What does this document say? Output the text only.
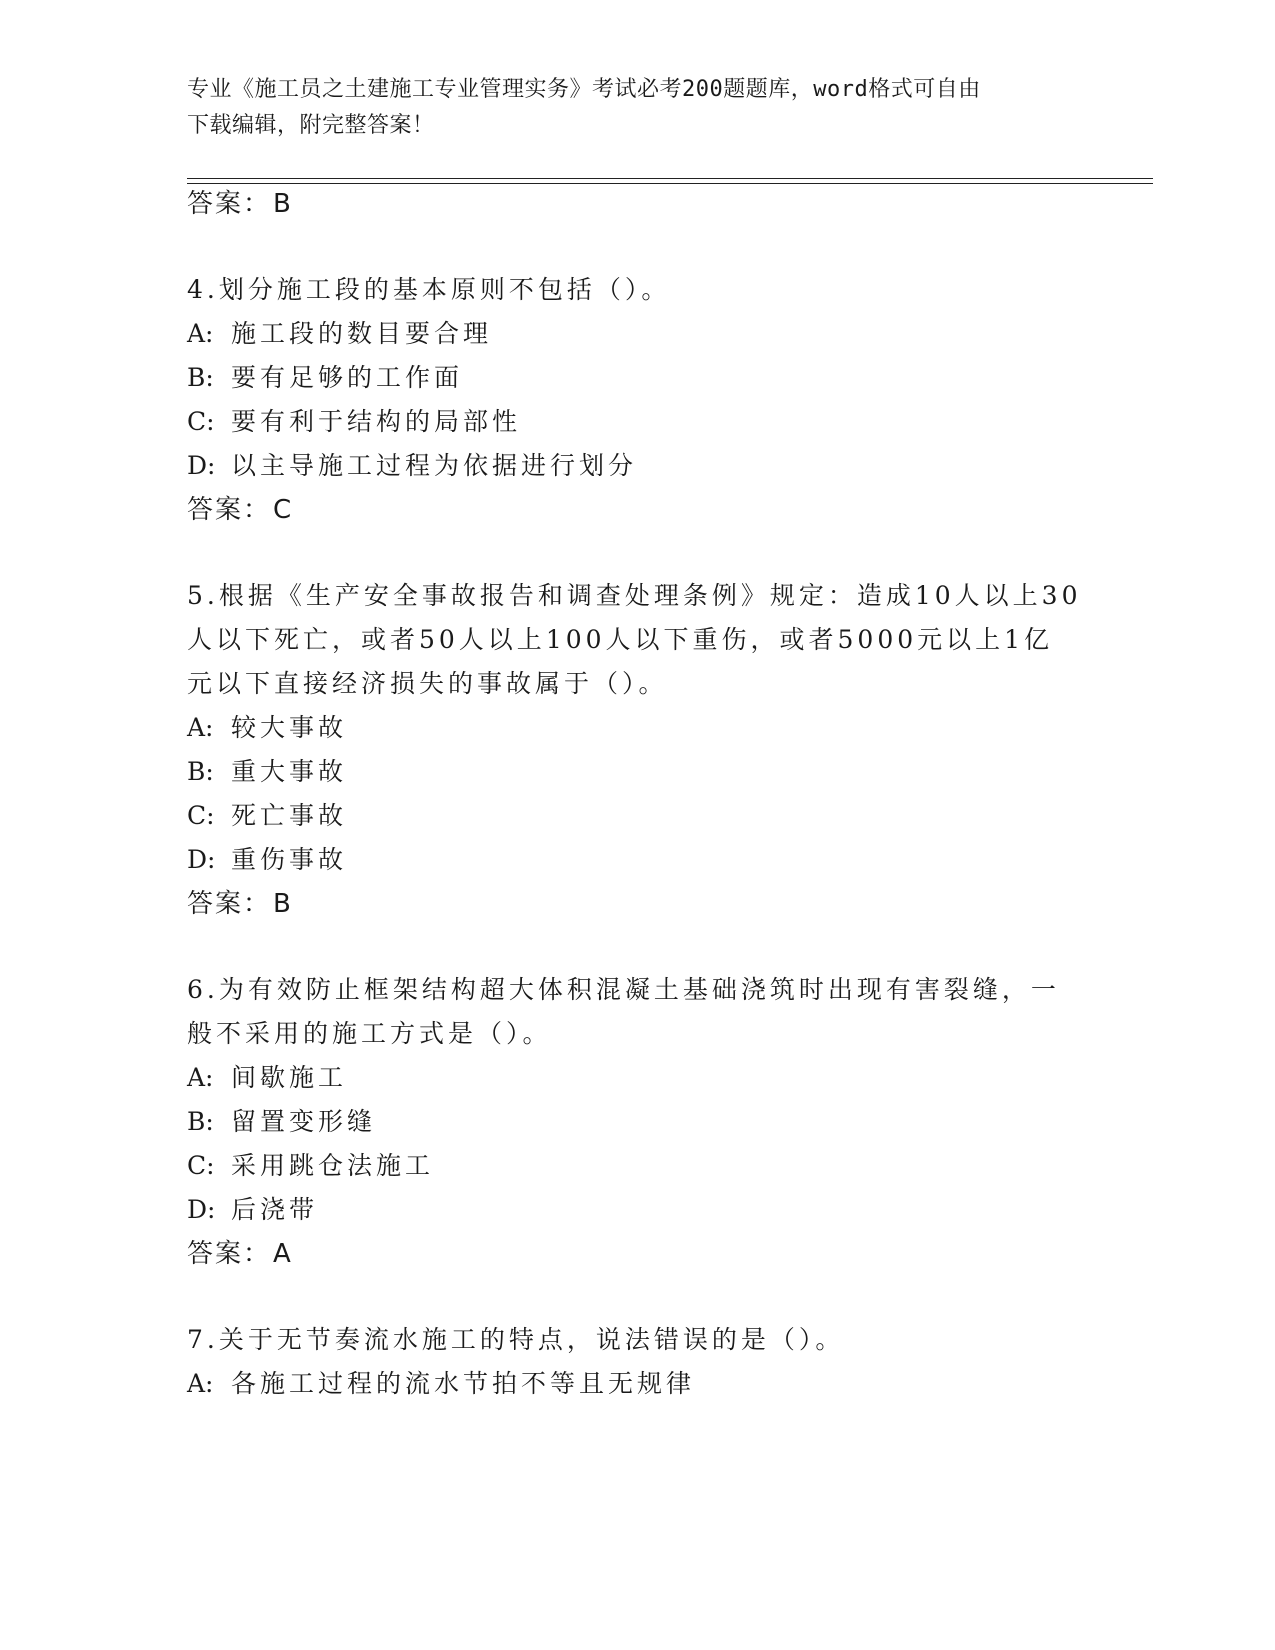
专业《施工员之土建施工专业管理实务》考试必考200题题库，word格式可自由
下载编辑，附完整答案！
答案：B
4.划分施工段的基本原则不包括（）。
A: 施工段的数目要合理
B: 要有足够的工作面
C: 要有利于结构的局部性
D: 以主导施工过程为依据进行划分
答案：C
5.根据《生产安全事故报告和调查处理条例》规定：造成10人以上30
人以下死亡，或者50人以上100人以下重伤，或者5000元以上1亿
元以下直接经济损失的事故属于（）。
A: 较大事故
B: 重大事故
C: 死亡事故
D: 重伤事故
答案：B
6.为有效防止框架结构超大体积混凝土基础浇筑时出现有害裂缝，一
般不采用的施工方式是（）。
A: 间歇施工
B: 留置变形缝
C: 采用跳仓法施工
D: 后浇带
答案：A
7.关于无节奏流水施工的特点，说法错误的是（）。
A: 各施工过程的流水节拍不等且无规律
